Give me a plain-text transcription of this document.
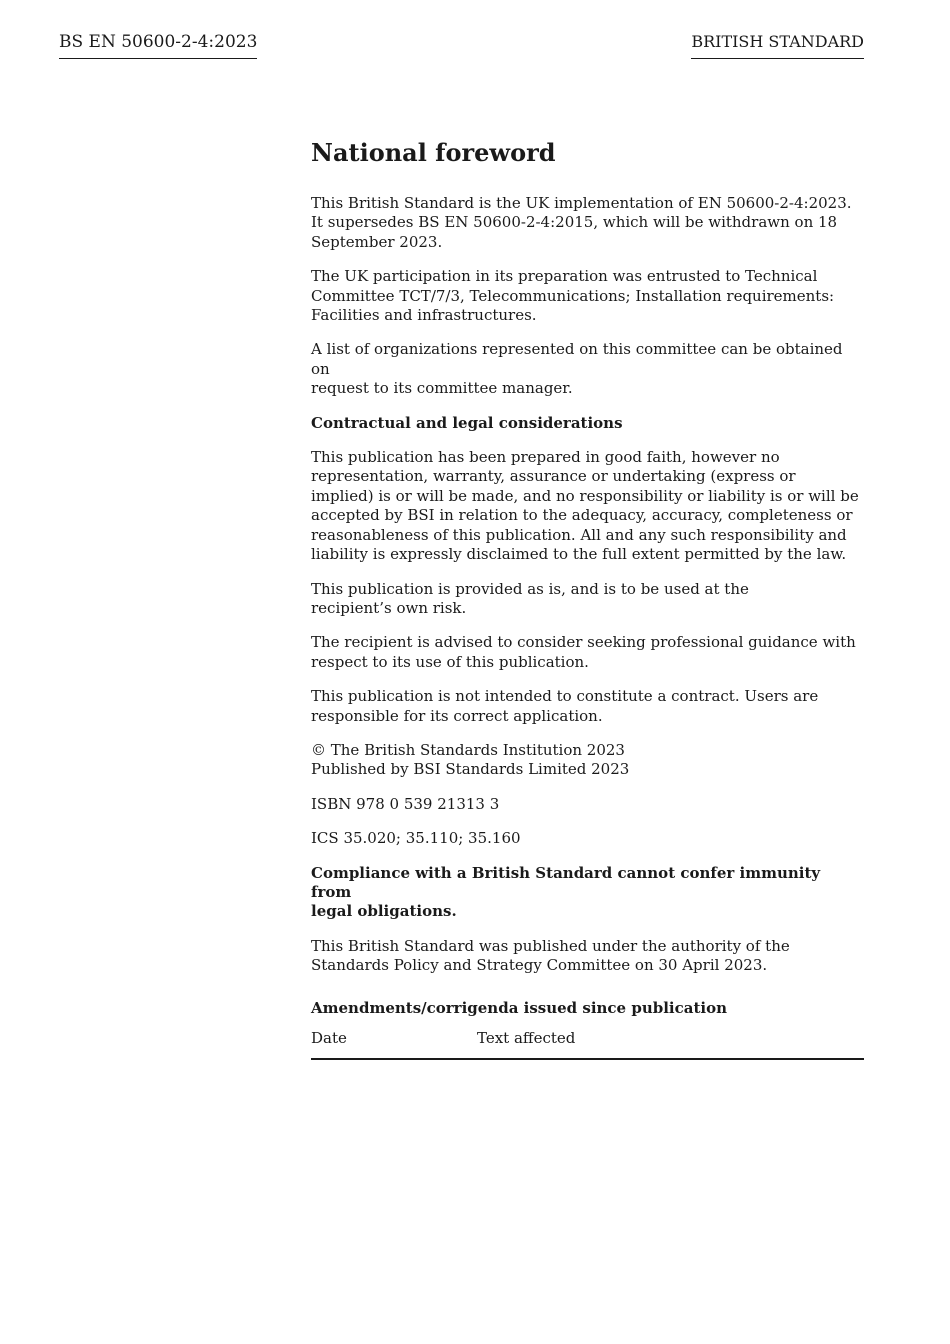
BS EN 50600-2-4:2023	BRITISH STANDARD
National foreword

This British Standard is the UK implementation of EN 50600-2-4:2023.
It supersedes BS EN 50600-2-4:2015, which will be withdrawn on 18
September 2023.

The UK participation in its preparation was entrusted to Technical
Committee TCT/7/3, Telecommunications; Installation requirements:
Facilities and infrastructures.

A list of organizations represented on this committee can be obtained on
request to its committee manager.

Contractual and legal considerations

This publication has been prepared in good faith, however no
representation, warranty, assurance or undertaking (express or
implied) is or will be made, and no responsibility or liability is or will be
accepted by BSI in relation to the adequacy, accuracy, completeness or
reasonableness of this publication. All and any such responsibility and
liability is expressly disclaimed to the full extent permitted by the law.

This publication is provided as is, and is to be used at the
recipient’s own risk.

The recipient is advised to consider seeking professional guidance with
respect to its use of this publication.

This publication is not intended to constitute a contract. Users are
responsible for its correct application.

© The British Standards Institution 2023
Published by BSI Standards Limited 2023

ISBN 978 0 539 21313 3

ICS 35.020; 35.110; 35.160

Compliance with a British Standard cannot confer immunity from
legal obligations.

This British Standard was published under the authority of the
Standards Policy and Strategy Committee on 30 April 2023.

Amendments/corrigenda issued since publication
Date	Text affected
